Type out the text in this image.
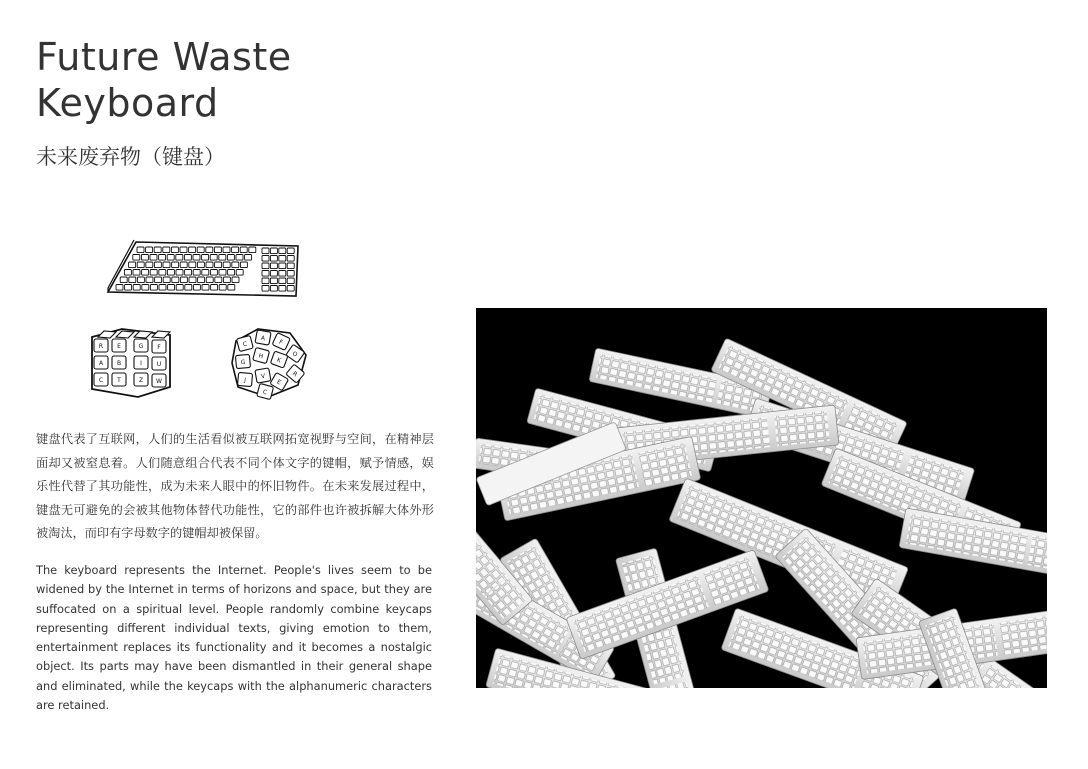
Future Waste
Keyboard
未来废弃物（键盘）
R E	G F
A B	I U
C T	Z W
C
A
F
O
G
H
K
R
J
V
E
C

键盘代表了互联网，人们的生活看似被互联网拓宽视野与空间，在精神层面却又被窒息着。人们随意组合代表不同个体文字的键帽，赋予情感，娱乐性代替了其功能性，成为未来人眼中的怀旧物件。在未来发展过程中，键盘无可避免的会被其他物体替代功能性，它的部件也许被拆解大体外形被淘汰，而印有字母数字的键帽却被保留。

The keyboard represents the Internet. People's lives seem to be widened by the Internet in terms of horizons and space, but they are suffocated on a spiritual level. People randomly combine keycaps representing different individual texts, giving emotion to them, entertainment replaces its functionality and it becomes a nostalgic object. Its parts may have been dismantled in their general shape and eliminated, while the keycaps with the alphanumeric characters are retained.
